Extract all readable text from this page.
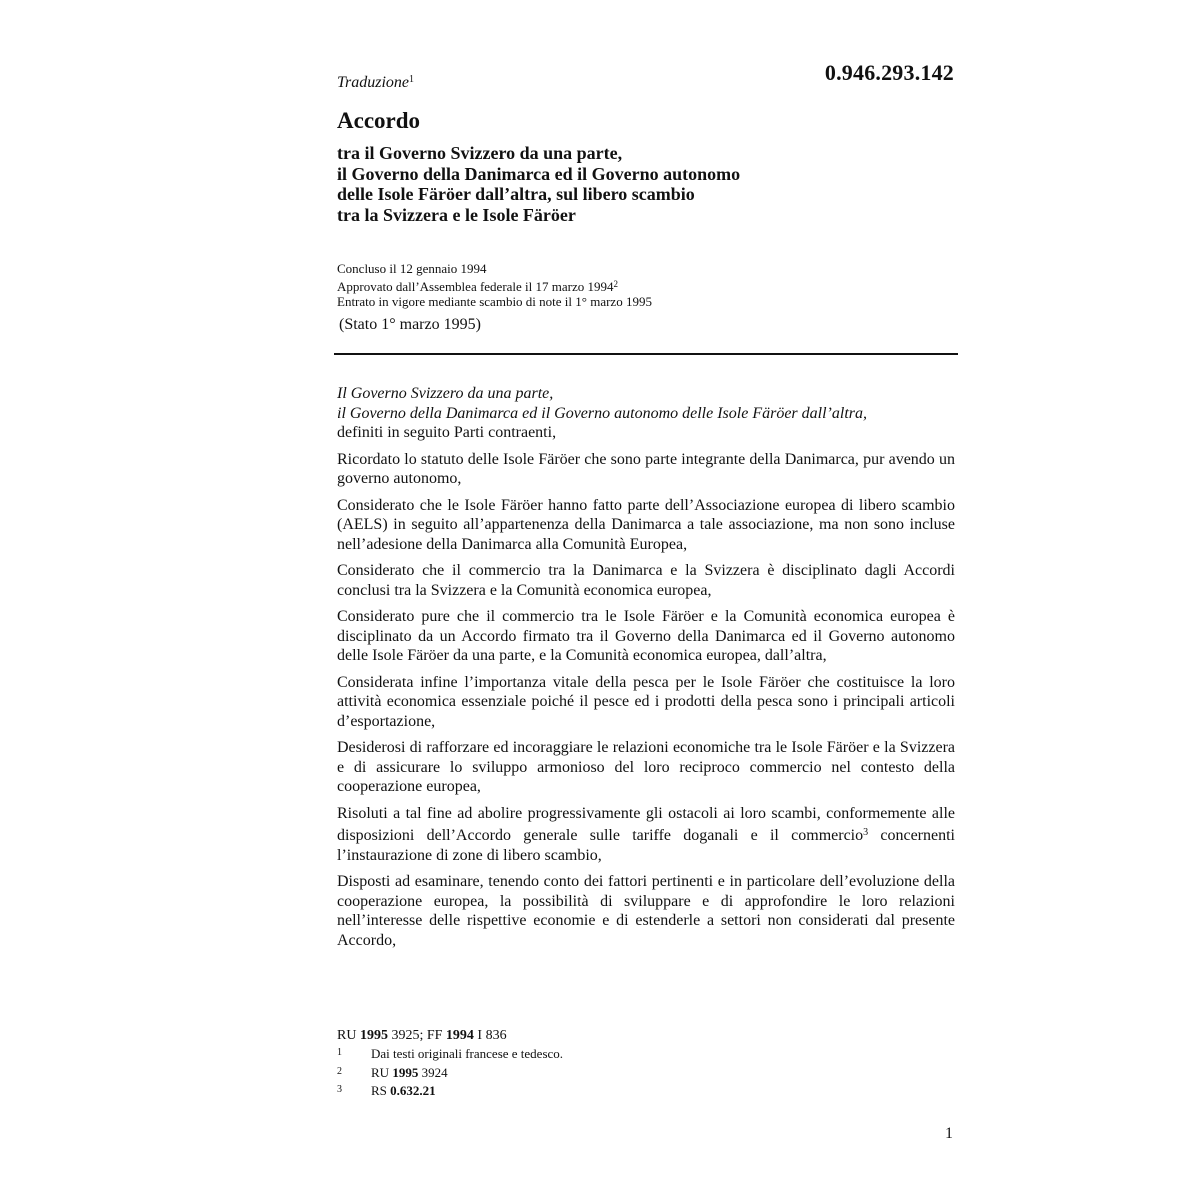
0.946.293.142
Traduzione$^1$
Accordo
tra il Governo Svizzero da una parte,
il Governo della Danimarca ed il Governo autonomo
delle Isole Färöer dall’altra, sul libero scambio
tra la Svizzera e le Isole Färöer
Concluso il 12 gennaio 1994
Approvato dall’Assemblea federale il 17 marzo 1994$^2$
Entrato in vigore mediante scambio di note il 1° marzo 1995
(Stato 1° marzo 1995)

Il Governo Svizzero da una parte,
il Governo della Danimarca ed il Governo autonomo delle Isole Färöer dall’altra,
definiti in seguito Parti contraenti,

Ricordato lo statuto delle Isole Färöer che sono parte integrante della Danimarca, pur avendo un governo autonomo,

Considerato che le Isole Färöer hanno fatto parte dell’Associazione europea di libero scambio (AELS) in seguito all’appartenenza della Danimarca a tale associazione, ma non sono incluse nell’adesione della Danimarca alla Comunità Europea,

Considerato che il commercio tra la Danimarca e la Svizzera è disciplinato dagli Accordi conclusi tra la Svizzera e la Comunità economica europea,

Considerato pure che il commercio tra le Isole Färöer e la Comunità economica europea è disciplinato da un Accordo firmato tra il Governo della Danimarca ed il Governo autonomo delle Isole Färöer da una parte, e la Comunità economica europea, dall’altra,

Considerata infine l’importanza vitale della pesca per le Isole Färöer che costituisce la loro attività economica essenziale poiché il pesce ed i prodotti della pesca sono i principali articoli d’esportazione,

Desiderosi di rafforzare ed incoraggiare le relazioni economiche tra le Isole Färöer e la Svizzera e di assicurare lo sviluppo armonioso del loro reciproco commercio nel contesto della cooperazione europea,

Risoluti a tal fine ad abolire progressivamente gli ostacoli ai loro scambi, conformemente alle disposizioni dell’Accordo generale sulle tariffe doganali e il commercio$^3$ concernenti l’instaurazione di zone di libero scambio,

Disposti ad esaminare, tenendo conto dei fattori pertinenti e in particolare dell’evoluzione della cooperazione europea, la possibilità di sviluppare e di approfondire le loro relazioni nell’interesse delle rispettive economie e di estenderle a settori non considerati dal presente Accordo,

RU 1995 3925; FF 1994 I 836
1	Dai testi originali francese e tedesco.
2	RU 1995 3924
3	RS 0.632.21
1
